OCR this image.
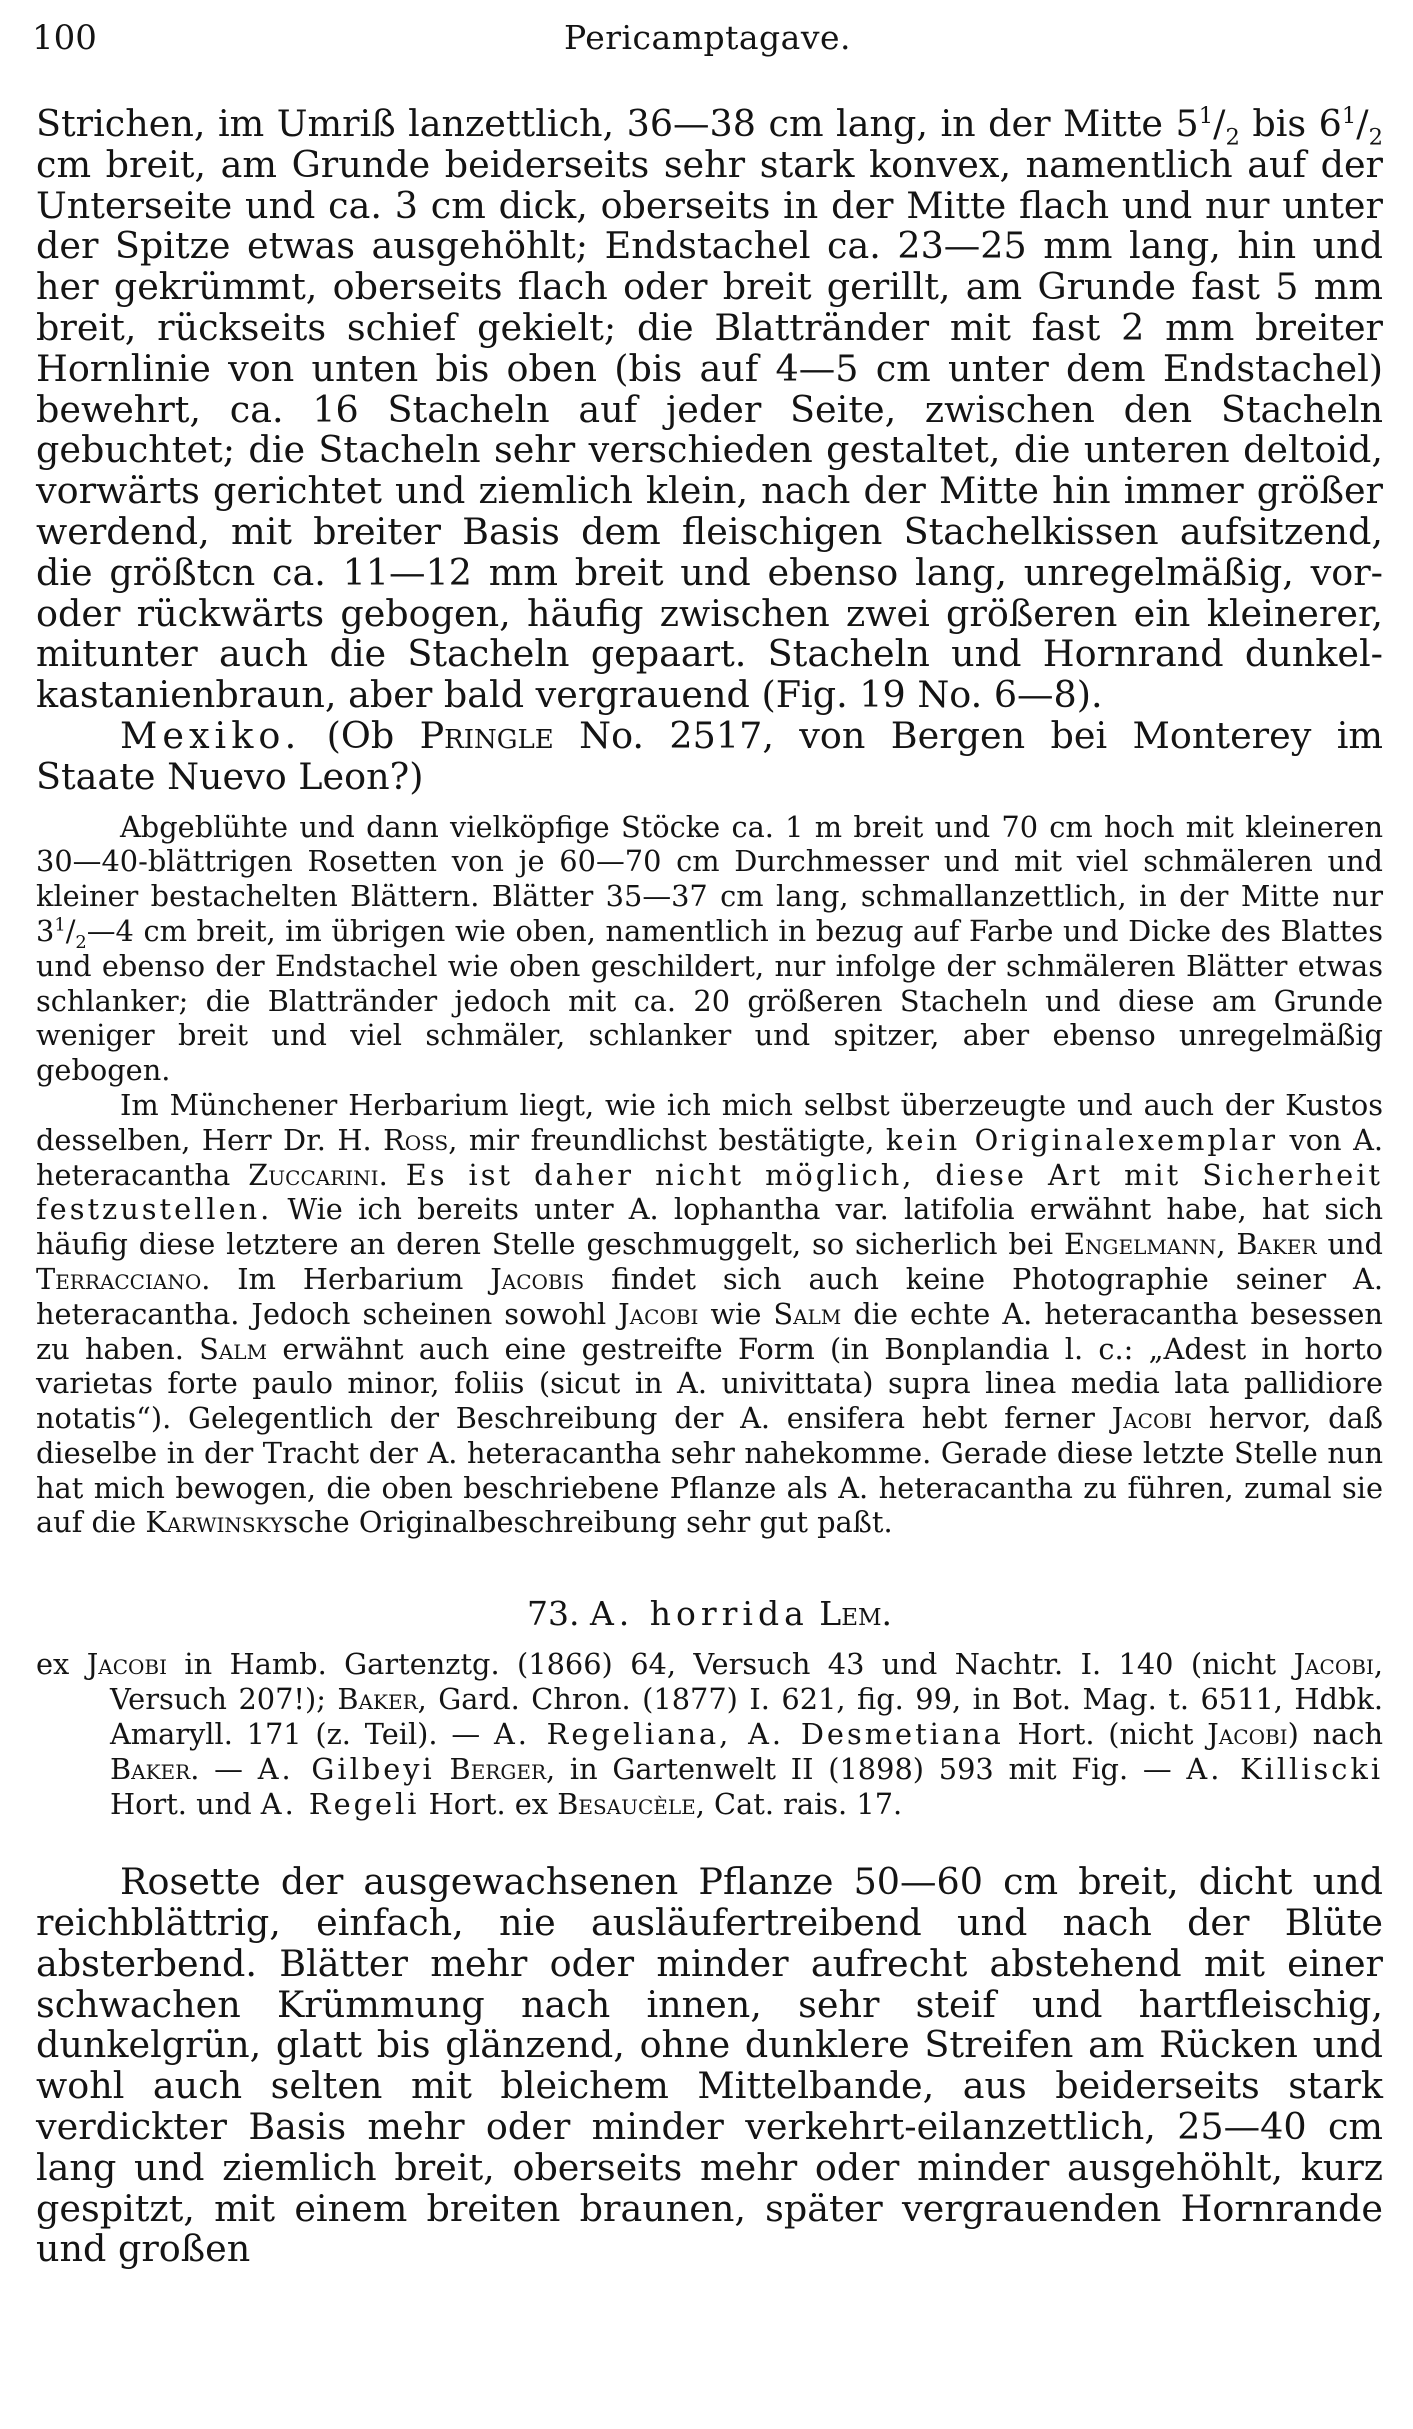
100	Pericamptagave.

Strichen, im Umriß lanzettlich, 36—38 cm lang, in der Mitte $5^1/_2$ bis $6^1/_2$ cm breit, am Grunde beiderseits sehr stark konvex, namentlich auf der Unterseite und ca. 3 cm dick, oberseits in der Mitte flach und nur unter der Spitze etwas ausgehöhlt; Endstachel ca. 23—25 mm lang, hin und her gekrümmt, oberseits flach oder breit gerillt, am Grunde fast 5 mm breit, rückseits schief gekielt; die Blattränder mit fast 2 mm breiter Hornlinie von unten bis oben (bis auf 4—5 cm unter dem Endstachel) bewehrt, ca. 16 Stacheln auf jeder Seite, zwischen den Stacheln gebuchtet; die Stacheln sehr verschieden gestaltet, die unteren deltoid, vorwärts gerichtet und ziemlich klein, nach der Mitte hin immer größer werdend, mit breiter Basis dem fleischigen Stachelkissen aufsitzend, die größtcn ca. 11—12 mm breit und ebenso lang, unregelmäßig, vor- oder rückwärts gebogen, häufig zwischen zwei größeren ein kleinerer, mitunter auch die Stacheln gepaart. Stacheln und Hornrand dunkel-kastanienbraun, aber bald vergrauend (Fig. 19 No. 6—8).

Mexiko. (Ob Pringle No. 2517, von Bergen bei Monterey im Staate Nuevo Leon?)

Abgeblühte und dann vielköpfige Stöcke ca. 1 m breit und 70 cm hoch mit kleineren 30—40-blättrigen Rosetten von je 60—70 cm Durchmesser und mit viel schmäleren und kleiner bestachelten Blättern. Blätter 35—37 cm lang, schmallanzettlich, in der Mitte nur $3^1/_2—4$ cm breit, im übrigen wie oben, namentlich in bezug auf Farbe und Dicke des Blattes und ebenso der Endstachel wie oben geschildert, nur infolge der schmäleren Blätter etwas schlanker; die Blattränder jedoch mit ca. 20 größeren Stacheln und diese am Grunde weniger breit und viel schmäler, schlanker und spitzer, aber ebenso unregelmäßig gebogen.

Im Münchener Herbarium liegt, wie ich mich selbst überzeugte und auch der Kustos desselben, Herr Dr. H. Ross, mir freundlichst bestätigte, kein Originalexemplar von A. heteracantha Zuccarini. Es ist daher nicht möglich, diese Art mit Sicherheit festzustellen. Wie ich bereits unter A. lophantha var. latifolia erwähnt habe, hat sich häufig diese letztere an deren Stelle geschmuggelt, so sicherlich bei Engelmann, Baker und Terracciano. Im Herbarium Jacobis findet sich auch keine Photographie seiner A. heteracantha. Jedoch scheinen sowohl Jacobi wie Salm die echte A. heteracantha besessen zu haben. Salm erwähnt auch eine gestreifte Form (in Bonplandia l. c.: „Adest in horto varietas forte paulo minor, foliis (sicut in A. univittata) supra linea media lata pallidiore notatis“). Gelegentlich der Beschreibung der A. ensifera hebt ferner Jacobi hervor, daß dieselbe in der Tracht der A. heteracantha sehr nahekomme. Gerade diese letzte Stelle nun hat mich bewogen, die oben beschriebene Pflanze als A. heteracantha zu führen, zumal sie auf die Karwinskysche Originalbeschreibung sehr gut paßt.

73. A. horrida Lem.

ex Jacobi in Hamb. Gartenztg. (1866) 64, Versuch 43 und Nachtr. I. 140 (nicht Jacobi, Versuch 207!); Baker, Gard. Chron. (1877) I. 621, fig. 99, in Bot. Mag. t. 6511, Hdbk. Amaryll. 171 (z. Teil). — A. Regeliana, A. Desmetiana Hort. (nicht Jacobi) nach Baker. — A. Gilbeyi Berger, in Gartenwelt II (1898) 593 mit Fig. — A. Killiscki Hort. und A. Regeli Hort. ex Besaucèle, Cat. rais. 17.

Rosette der ausgewachsenen Pflanze 50—60 cm breit, dicht und reichblättrig, einfach, nie ausläufertreibend und nach der Blüte absterbend. Blätter mehr oder minder aufrecht abstehend mit einer schwachen Krümmung nach innen, sehr steif und hartfleischig, dunkelgrün, glatt bis glänzend, ohne dunklere Streifen am Rücken und wohl auch selten mit bleichem Mittelbande, aus beiderseits stark verdickter Basis mehr oder minder verkehrt-eilanzettlich, 25—40 cm lang und ziemlich breit, oberseits mehr oder minder ausgehöhlt, kurz gespitzt, mit einem breiten braunen, später vergrauenden Hornrande und großen
